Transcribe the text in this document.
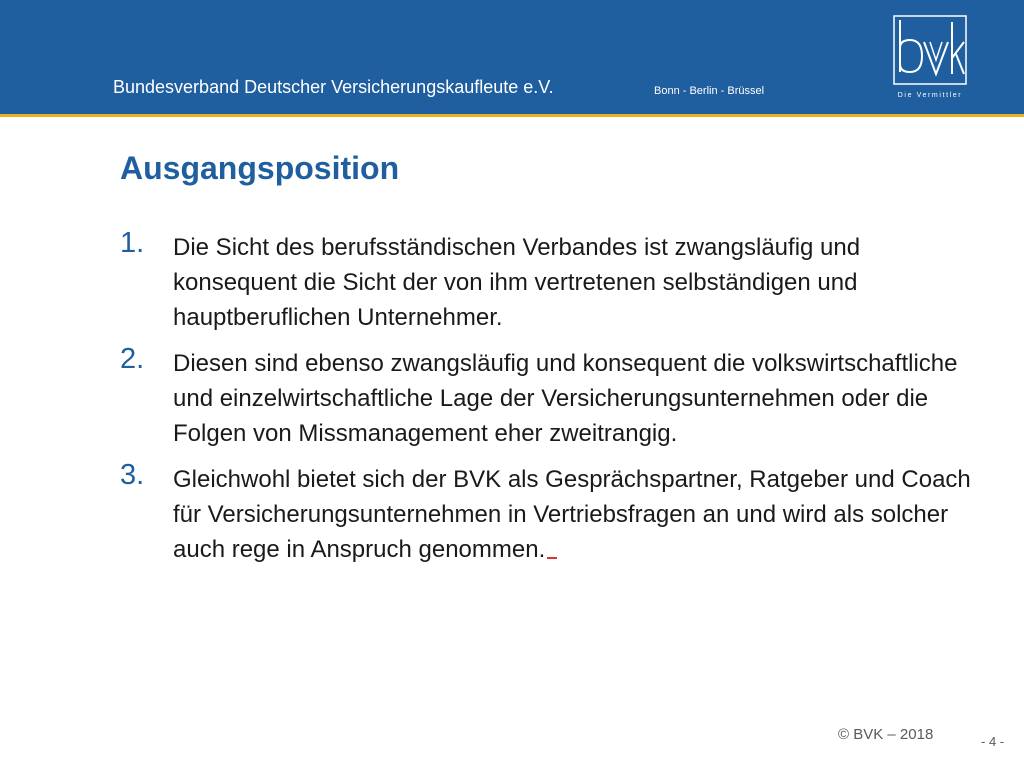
Bundesverband Deutscher Versicherungskaufleute e.V.	Bonn - Berlin - Brüssel	Die Vermittler
Ausgangsposition
1. Die Sicht des berufsständischen Verbandes ist zwangsläufig und konsequent die Sicht der von ihm vertretenen selbständigen und hauptberuflichen Unternehmer.
2. Diesen sind ebenso zwangsläufig und konsequent die volkswirtschaftliche und einzelwirtschaftliche Lage der Versicherungsunternehmen oder die Folgen von Missmanagement eher zweitrangig.
3. Gleichwohl bietet sich der BVK als Gesprächspartner, Ratgeber und Coach für Versicherungsunternehmen in Vertriebsfragen an und wird als solcher auch rege in Anspruch genommen.
© BVK – 2018	- 4 -
